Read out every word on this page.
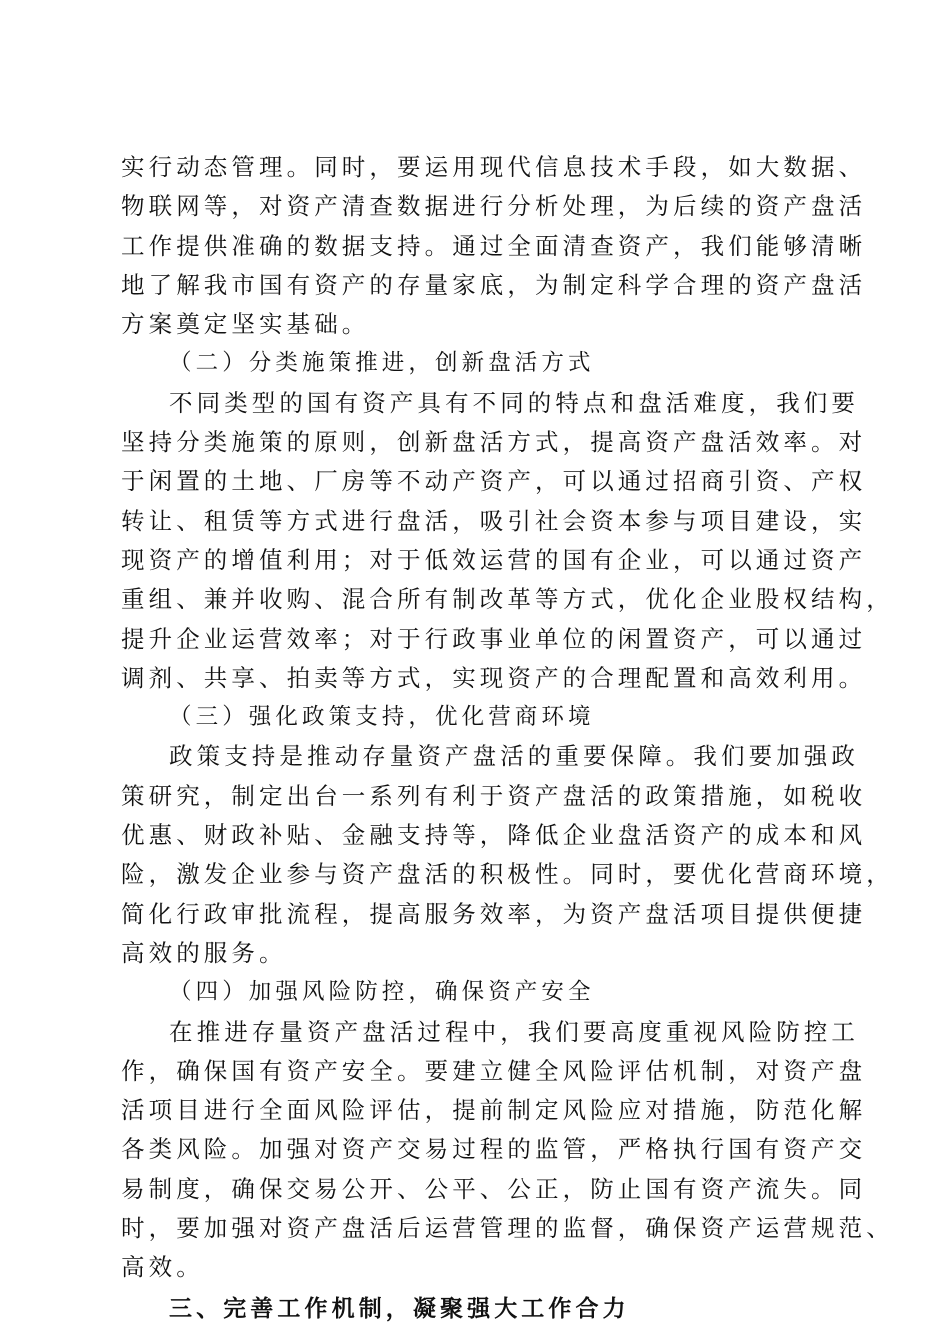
实行动态管理。同时，要运用现代信息技术手段，如大数据、
物联网等，对资产清查数据进行分析处理，为后续的资产盘活
工作提供准确的数据支持。通过全面清查资产，我们能够清晰
地了解我市国有资产的存量家底，为制定科学合理的资产盘活
方案奠定坚实基础。
（二）分类施策推进，创新盘活方式
不同类型的国有资产具有不同的特点和盘活难度，我们要
坚持分类施策的原则，创新盘活方式，提高资产盘活效率。对
于闲置的土地、厂房等不动产资产，可以通过招商引资、产权
转让、租赁等方式进行盘活，吸引社会资本参与项目建设，实
现资产的增值利用；对于低效运营的国有企业，可以通过资产
重组、兼并收购、混合所有制改革等方式，优化企业股权结构，
提升企业运营效率；对于行政事业单位的闲置资产，可以通过
调剂、共享、拍卖等方式，实现资产的合理配置和高效利用。
（三）强化政策支持，优化营商环境
政策支持是推动存量资产盘活的重要保障。我们要加强政
策研究，制定出台一系列有利于资产盘活的政策措施，如税收
优惠、财政补贴、金融支持等，降低企业盘活资产的成本和风
险，激发企业参与资产盘活的积极性。同时，要优化营商环境，
简化行政审批流程，提高服务效率，为资产盘活项目提供便捷
高效的服务。
（四）加强风险防控，确保资产安全
在推进存量资产盘活过程中，我们要高度重视风险防控工
作，确保国有资产安全。要建立健全风险评估机制，对资产盘
活项目进行全面风险评估，提前制定风险应对措施，防范化解
各类风险。加强对资产交易过程的监管，严格执行国有资产交
易制度，确保交易公开、公平、公正，防止国有资产流失。同
时，要加强对资产盘活后运营管理的监督，确保资产运营规范、
高效。
三、完善工作机制，凝聚强大工作合力
